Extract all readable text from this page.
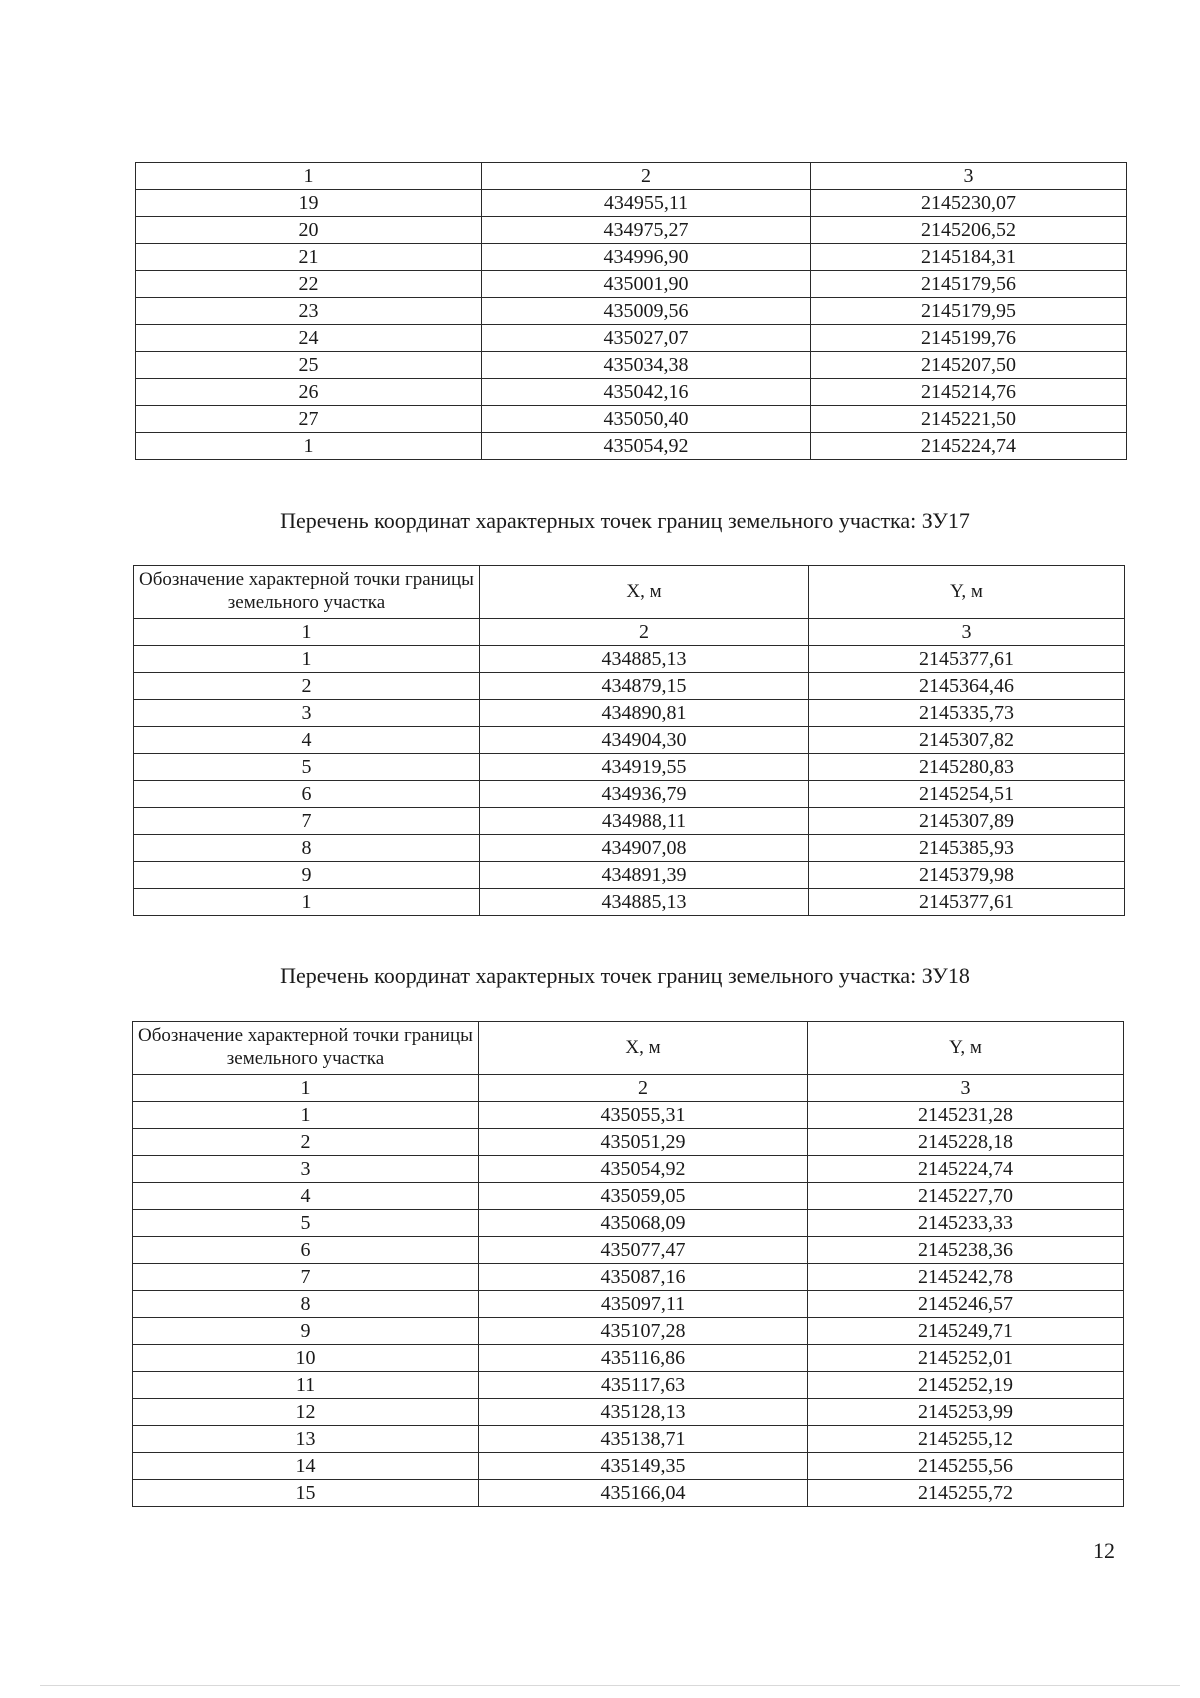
1	2	3
19	434955,11	2145230,07
20	434975,27	2145206,52
21	434996,90	2145184,31
22	435001,90	2145179,56
23	435009,56	2145179,95
24	435027,07	2145199,76
25	435034,38	2145207,50
26	435042,16	2145214,76
27	435050,40	2145221,50
1	435054,92	2145224,74
Перечень координат характерных точек границ земельного участка: ЗУ17
Обозначение характерной точки границы земельного участка	X, м	Y, м
1	2	3
1	434885,13	2145377,61
2	434879,15	2145364,46
3	434890,81	2145335,73
4	434904,30	2145307,82
5	434919,55	2145280,83
6	434936,79	2145254,51
7	434988,11	2145307,89
8	434907,08	2145385,93
9	434891,39	2145379,98
1	434885,13	2145377,61
Перечень координат характерных точек границ земельного участка: ЗУ18
Обозначение характерной точки границы земельного участка	X, м	Y, м
1	2	3
1	435055,31	2145231,28
2	435051,29	2145228,18
3	435054,92	2145224,74
4	435059,05	2145227,70
5	435068,09	2145233,33
6	435077,47	2145238,36
7	435087,16	2145242,78
8	435097,11	2145246,57
9	435107,28	2145249,71
10	435116,86	2145252,01
11	435117,63	2145252,19
12	435128,13	2145253,99
13	435138,71	2145255,12
14	435149,35	2145255,56
15	435166,04	2145255,72
12
